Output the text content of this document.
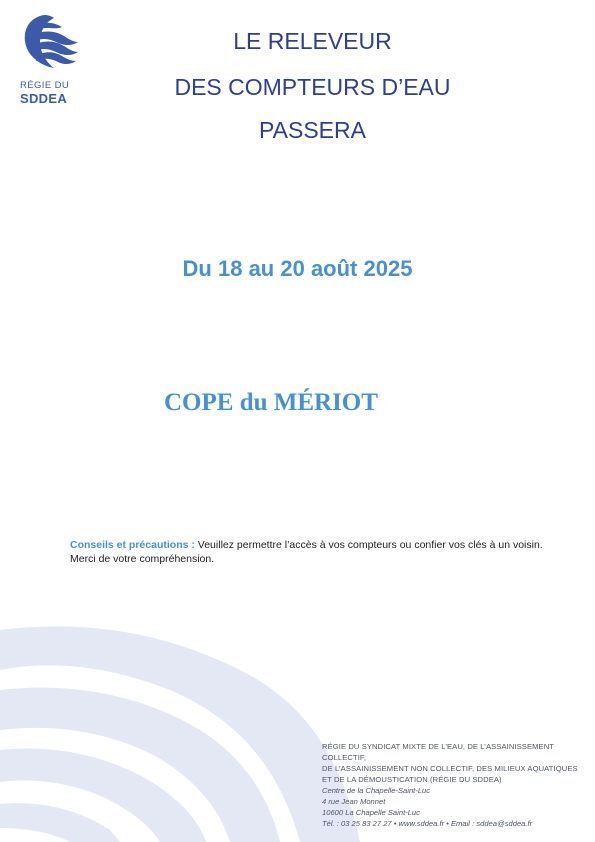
RÉGIE DU
SDDEA
LE RELEVEUR
DES COMPTEURS D’EAU
PASSERA
Du 18 au 20 août 2025
COPE du MÉRIOT
Conseils et précautions : Veuillez permettre l’accès à vos compteurs ou confier vos clés à un voisin.
Merci de votre compréhension.
RÉGIE DU SYNDICAT MIXTE DE L’EAU, DE L’ASSAINISSEMENT COLLECTIF,
DE L’ASSAINISSEMENT NON COLLECTIF, DES MILIEUX AQUATIQUES
ET DE LA DÉMOUSTICATION (RÉGIE DU SDDEA)
Centre de la Chapelle-Saint-Luc
4 rue Jean Monnet
10600 La Chapelle Saint-Luc
Tél. : 03 25 83 27 27 • www.sddea.fr • Email : sddea@sddea.fr
